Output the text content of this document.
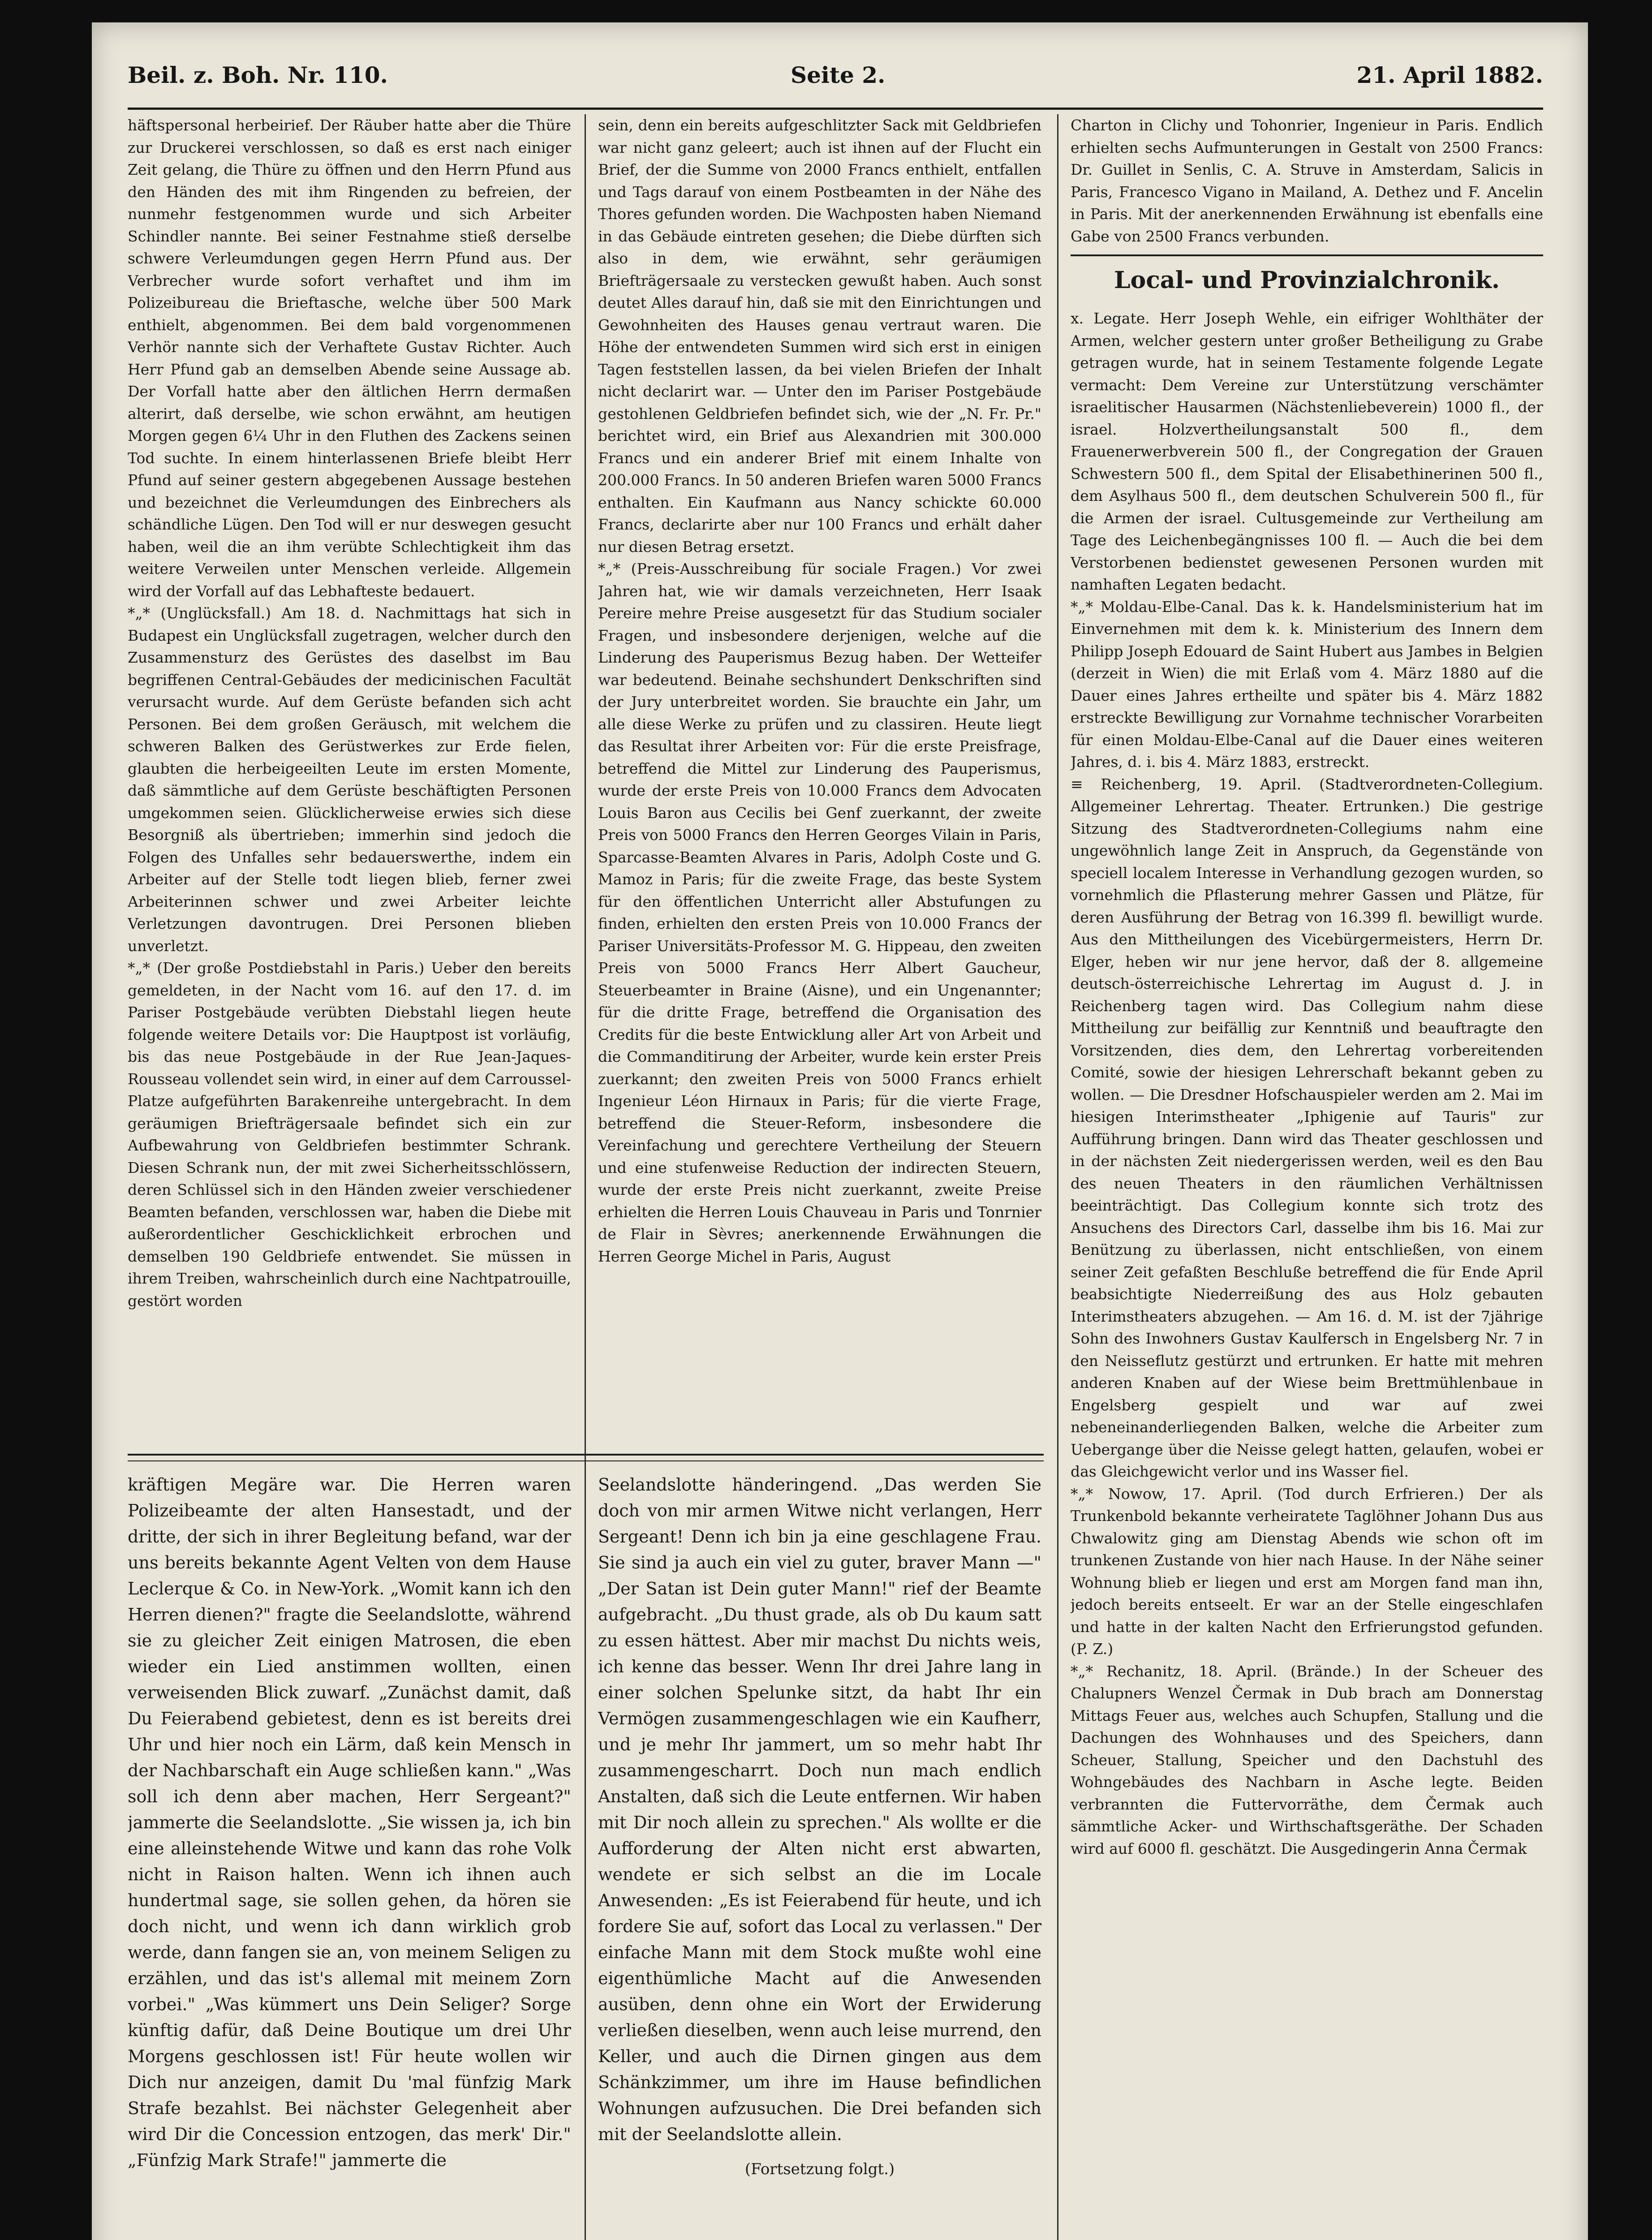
Beil. z. Boh. Nr. 110.	Seite 2.	21. April 1882.

häftspersonal herbeirief. Der Räuber hatte aber die Thüre zur Druckerei verschlossen, so daß es erst nach einiger Zeit gelang, die Thüre zu öffnen und den Herrn Pfund aus den Händen des mit ihm Ringenden zu befreien, der nunmehr festgenommen wurde und sich Arbeiter Schindler nannte. Bei seiner Festnahme stieß derselbe schwere Verleumdungen gegen Herrn Pfund aus. Der Verbrecher wurde sofort verhaftet und ihm im Polizeibureau die Brieftasche, welche über 500 Mark enthielt, abgenommen. Bei dem bald vorgenommenen Verhör nannte sich der Verhaftete Gustav Richter. Auch Herr Pfund gab an demselben Abende seine Aussage ab. Der Vorfall hatte aber den ältlichen Herrn dermaßen alterirt, daß derselbe, wie schon erwähnt, am heutigen Morgen gegen 6¼ Uhr in den Fluthen des Zackens seinen Tod suchte. In einem hinterlassenen Briefe bleibt Herr Pfund auf seiner gestern abgegebenen Aussage bestehen und bezeichnet die Verleumdungen des Einbrechers als schändliche Lügen. Den Tod will er nur deswegen gesucht haben, weil die an ihm verübte Schlechtigkeit ihm das weitere Verweilen unter Menschen verleide. Allgemein wird der Vorfall auf das Lebhafteste bedauert.

*„* (Unglücksfall.) Am 18. d. Nachmittags hat sich in Budapest ein Unglücksfall zugetragen, welcher durch den Zusammensturz des Gerüstes des daselbst im Bau begriffenen Central-Gebäudes der medicinischen Facultät verursacht wurde. Auf dem Gerüste befanden sich acht Personen. Bei dem großen Geräusch, mit welchem die schweren Balken des Gerüstwerkes zur Erde fielen, glaubten die herbeigeeilten Leute im ersten Momente, daß sämmtliche auf dem Gerüste beschäftigten Personen umgekommen seien. Glücklicherweise erwies sich diese Besorgniß als übertrieben; immerhin sind jedoch die Folgen des Unfalles sehr bedauerswerthe, indem ein Arbeiter auf der Stelle todt liegen blieb, ferner zwei Arbeiterinnen schwer und zwei Arbeiter leichte Verletzungen davontrugen. Drei Personen blieben unverletzt.

*„* (Der große Postdiebstahl in Paris.) Ueber den bereits gemeldeten, in der Nacht vom 16. auf den 17. d. im Pariser Postgebäude verübten Diebstahl liegen heute folgende weitere Details vor: Die Hauptpost ist vorläufig, bis das neue Postgebäude in der Rue Jean-Jaques-Rousseau vollendet sein wird, in einer auf dem Carroussel-Platze aufgeführten Barakenreihe untergebracht. In dem geräumigen Briefträgersaale befindet sich ein zur Aufbewahrung von Geldbriefen bestimmter Schrank. Diesen Schrank nun, der mit zwei Sicherheitsschlössern, deren Schlüssel sich in den Händen zweier verschiedener Beamten befanden, verschlossen war, haben die Diebe mit außerordentlicher Geschicklichkeit erbrochen und demselben 190 Geldbriefe entwendet. Sie müssen in ihrem Treiben, wahrscheinlich durch eine Nachtpatrouille, gestört worden

sein, denn ein bereits aufgeschlitzter Sack mit Geldbriefen war nicht ganz geleert; auch ist ihnen auf der Flucht ein Brief, der die Summe von 2000 Francs enthielt, entfallen und Tags darauf von einem Postbeamten in der Nähe des Thores gefunden worden. Die Wachposten haben Niemand in das Gebäude eintreten gesehen; die Diebe dürften sich also in dem, wie erwähnt, sehr geräumigen Briefträgersaale zu verstecken gewußt haben. Auch sonst deutet Alles darauf hin, daß sie mit den Einrichtungen und Gewohnheiten des Hauses genau vertraut waren. Die Höhe der entwendeten Summen wird sich erst in einigen Tagen feststellen lassen, da bei vielen Briefen der Inhalt nicht declarirt war. — Unter den im Pariser Postgebäude gestohlenen Geldbriefen befindet sich, wie der „N. Fr. Pr." berichtet wird, ein Brief aus Alexandrien mit 300.000 Francs und ein anderer Brief mit einem Inhalte von 200.000 Francs. In 50 anderen Briefen waren 5000 Francs enthalten. Ein Kaufmann aus Nancy schickte 60.000 Francs, declarirte aber nur 100 Francs und erhält daher nur diesen Betrag ersetzt.

*„* (Preis-Ausschreibung für sociale Fragen.) Vor zwei Jahren hat, wie wir damals verzeichneten, Herr Isaak Pereire mehre Preise ausgesetzt für das Studium socialer Fragen, und insbesondere derjenigen, welche auf die Linderung des Pauperismus Bezug haben. Der Wetteifer war bedeutend. Beinahe sechshundert Denkschriften sind der Jury unterbreitet worden. Sie brauchte ein Jahr, um alle diese Werke zu prüfen und zu classiren. Heute liegt das Resultat ihrer Arbeiten vor: Für die erste Preisfrage, betreffend die Mittel zur Linderung des Pauperismus, wurde der erste Preis von 10.000 Francs dem Advocaten Louis Baron aus Cecilis bei Genf zuerkannt, der zweite Preis von 5000 Francs den Herren Georges Vilain in Paris, Sparcasse-Beamten Alvares in Paris, Adolph Coste und G. Mamoz in Paris; für die zweite Frage, das beste System für den öffentlichen Unterricht aller Abstufungen zu finden, erhielten den ersten Preis von 10.000 Francs der Pariser Universitäts-Professor M. G. Hippeau, den zweiten Preis von 5000 Francs Herr Albert Gaucheur, Steuerbeamter in Braine (Aisne), und ein Ungenannter; für die dritte Frage, betreffend die Organisation des Credits für die beste Entwicklung aller Art von Arbeit und die Commanditirung der Arbeiter, wurde kein erster Preis zuerkannt; den zweiten Preis von 5000 Francs erhielt Ingenieur Léon Hirnaux in Paris; für die vierte Frage, betreffend die Steuer-Reform, insbesondere die Vereinfachung und gerechtere Vertheilung der Steuern und eine stufenweise Reduction der indirecten Steuern, wurde der erste Preis nicht zuerkannt, zweite Preise erhielten die Herren Louis Chauveau in Paris und Tonrnier de Flair in Sèvres; anerkennende Erwähnungen die Herren George Michel in Paris, August

kräftigen Megäre war. Die Herren waren Polizeibeamte der alten Hansestadt, und der dritte, der sich in ihrer Begleitung befand, war der uns bereits bekannte Agent Velten von dem Hause Leclerque & Co. in New-York. „Womit kann ich den Herren dienen?" fragte die Seelandslotte, während sie zu gleicher Zeit einigen Matrosen, die eben wieder ein Lied anstimmen wollten, einen verweisenden Blick zuwarf. „Zunächst damit, daß Du Feierabend gebietest, denn es ist bereits drei Uhr und hier noch ein Lärm, daß kein Mensch in der Nachbarschaft ein Auge schließen kann." „Was soll ich denn aber machen, Herr Sergeant?" jammerte die Seelandslotte. „Sie wissen ja, ich bin eine alleinstehende Witwe und kann das rohe Volk nicht in Raison halten. Wenn ich ihnen auch hundertmal sage, sie sollen gehen, da hören sie doch nicht, und wenn ich dann wirklich grob werde, dann fangen sie an, von meinem Seligen zu erzählen, und das ist's allemal mit meinem Zorn vorbei." „Was kümmert uns Dein Seliger? Sorge künftig dafür, daß Deine Boutique um drei Uhr Morgens geschlossen ist! Für heute wollen wir Dich nur anzeigen, damit Du 'mal fünfzig Mark Strafe bezahlst. Bei nächster Gelegenheit aber wird Dir die Concession entzogen, das merk' Dir." „Fünfzig Mark Strafe!" jammerte die

Seelandslotte händeringend. „Das werden Sie doch von mir armen Witwe nicht verlangen, Herr Sergeant! Denn ich bin ja eine geschlagene Frau. Sie sind ja auch ein viel zu guter, braver Mann —" „Der Satan ist Dein guter Mann!" rief der Beamte aufgebracht. „Du thust grade, als ob Du kaum satt zu essen hättest. Aber mir machst Du nichts weis, ich kenne das besser. Wenn Ihr drei Jahre lang in einer solchen Spelunke sitzt, da habt Ihr ein Vermögen zusammengeschlagen wie ein Kaufherr, und je mehr Ihr jammert, um so mehr habt Ihr zusammengescharrt. Doch nun mach endlich Anstalten, daß sich die Leute entfernen. Wir haben mit Dir noch allein zu sprechen." Als wollte er die Aufforderung der Alten nicht erst abwarten, wendete er sich selbst an die im Locale Anwesenden: „Es ist Feierabend für heute, und ich fordere Sie auf, sofort das Local zu verlassen." Der einfache Mann mit dem Stock mußte wohl eine eigenthümliche Macht auf die Anwesenden ausüben, denn ohne ein Wort der Erwiderung verließen dieselben, wenn auch leise murrend, den Keller, und auch die Dirnen gingen aus dem Schänkzimmer, um ihre im Hause befindlichen Wohnungen aufzusuchen. Die Drei befanden sich mit der Seelandslotte allein.

(Fortsetzung folgt.)

Charton in Clichy und Tohonrier, Ingenieur in Paris. Endlich erhielten sechs Aufmunterungen in Gestalt von 2500 Francs: Dr. Guillet in Senlis, C. A. Struve in Amsterdam, Salicis in Paris, Francesco Vigano in Mailand, A. Dethez und F. Ancelin in Paris. Mit der anerkennenden Erwähnung ist ebenfalls eine Gabe von 2500 Francs verbunden.

Local- und Provinzialchronik.

x. Legate. Herr Joseph Wehle, ein eifriger Wohlthäter der Armen, welcher gestern unter großer Betheiligung zu Grabe getragen wurde, hat in seinem Testamente folgende Legate vermacht: Dem Vereine zur Unterstützung verschämter israelitischer Hausarmen (Nächstenliebeverein) 1000 fl., der israel. Holzvertheilungsanstalt 500 fl., dem Frauenerwerbverein 500 fl., der Congregation der Grauen Schwestern 500 fl., dem Spital der Elisabethinerinen 500 fl., dem Asylhaus 500 fl., dem deutschen Schulverein 500 fl., für die Armen der israel. Cultusgemeinde zur Vertheilung am Tage des Leichenbegängnisses 100 fl. — Auch die bei dem Verstorbenen bedienstet gewesenen Personen wurden mit namhaften Legaten bedacht.

*„* Moldau-Elbe-Canal. Das k. k. Handelsministerium hat im Einvernehmen mit dem k. k. Ministerium des Innern dem Philipp Joseph Edouard de Saint Hubert aus Jambes in Belgien (derzeit in Wien) die mit Erlaß vom 4. März 1880 auf die Dauer eines Jahres ertheilte und später bis 4. März 1882 erstreckte Bewilligung zur Vornahme technischer Vorarbeiten für einen Moldau-Elbe-Canal auf die Dauer eines weiteren Jahres, d. i. bis 4. März 1883, erstreckt.

≡ Reichenberg, 19. April. (Stadtverordneten-Collegium. Allgemeiner Lehrertag. Theater. Ertrunken.) Die gestrige Sitzung des Stadtverordneten-Collegiums nahm eine ungewöhnlich lange Zeit in Anspruch, da Gegenstände von speciell localem Interesse in Verhandlung gezogen wurden, so vornehmlich die Pflasterung mehrer Gassen und Plätze, für deren Ausführung der Betrag von 16.399 fl. bewilligt wurde. Aus den Mittheilungen des Vicebürgermeisters, Herrn Dr. Elger, heben wir nur jene hervor, daß der 8. allgemeine deutsch-österreichische Lehrertag im August d. J. in Reichenberg tagen wird. Das Collegium nahm diese Mittheilung zur beifällig zur Kenntniß und beauftragte den Vorsitzenden, dies dem, den Lehrertag vorbereitenden Comité, sowie der hiesigen Lehrerschaft bekannt geben zu wollen. — Die Dresdner Hofschauspieler werden am 2. Mai im hiesigen Interimstheater „Iphigenie auf Tauris" zur Aufführung bringen. Dann wird das Theater geschlossen und in der nächsten Zeit niedergerissen werden, weil es den Bau des neuen Theaters in den räumlichen Verhältnissen beeinträchtigt. Das Collegium konnte sich trotz des Ansuchens des Directors Carl, dasselbe ihm bis 16. Mai zur Benützung zu überlassen, nicht entschließen, von einem seiner Zeit gefaßten Beschluße betreffend die für Ende April beabsichtigte Niederreißung des aus Holz gebauten Interimstheaters abzugehen. — Am 16. d. M. ist der 7jährige Sohn des Inwohners Gustav Kaulfersch in Engelsberg Nr. 7 in den Neisseflutz gestürzt und ertrunken. Er hatte mit mehren anderen Knaben auf der Wiese beim Brettmühlenbaue in Engelsberg gespielt und war auf zwei nebeneinanderliegenden Balken, welche die Arbeiter zum Uebergange über die Neisse gelegt hatten, gelaufen, wobei er das Gleichgewicht verlor und ins Wasser fiel.

*„* Nowow, 17. April. (Tod durch Erfrieren.) Der als Trunkenbold bekannte verheiratete Taglöhner Johann Dus aus Chwalowitz ging am Dienstag Abends wie schon oft im trunkenen Zustande von hier nach Hause. In der Nähe seiner Wohnung blieb er liegen und erst am Morgen fand man ihn, jedoch bereits entseelt. Er war an der Stelle eingeschlafen und hatte in der kalten Nacht den Erfrierungstod gefunden. (P. Z.)

*„* Rechanitz, 18. April. (Brände.) In der Scheuer des Chalupners Wenzel Čermak in Dub brach am Donnerstag Mittags Feuer aus, welches auch Schupfen, Stallung und die Dachungen des Wohnhauses und des Speichers, dann Scheuer, Stallung, Speicher und den Dachstuhl des Wohngebäudes des Nachbarn in Asche legte. Beiden verbrannten die Futtervorräthe, dem Čermak auch sämmtliche Acker- und Wirthschaftsgeräthe. Der Schaden wird auf 6000 fl. geschätzt. Die Ausgedingerin Anna Čermak
